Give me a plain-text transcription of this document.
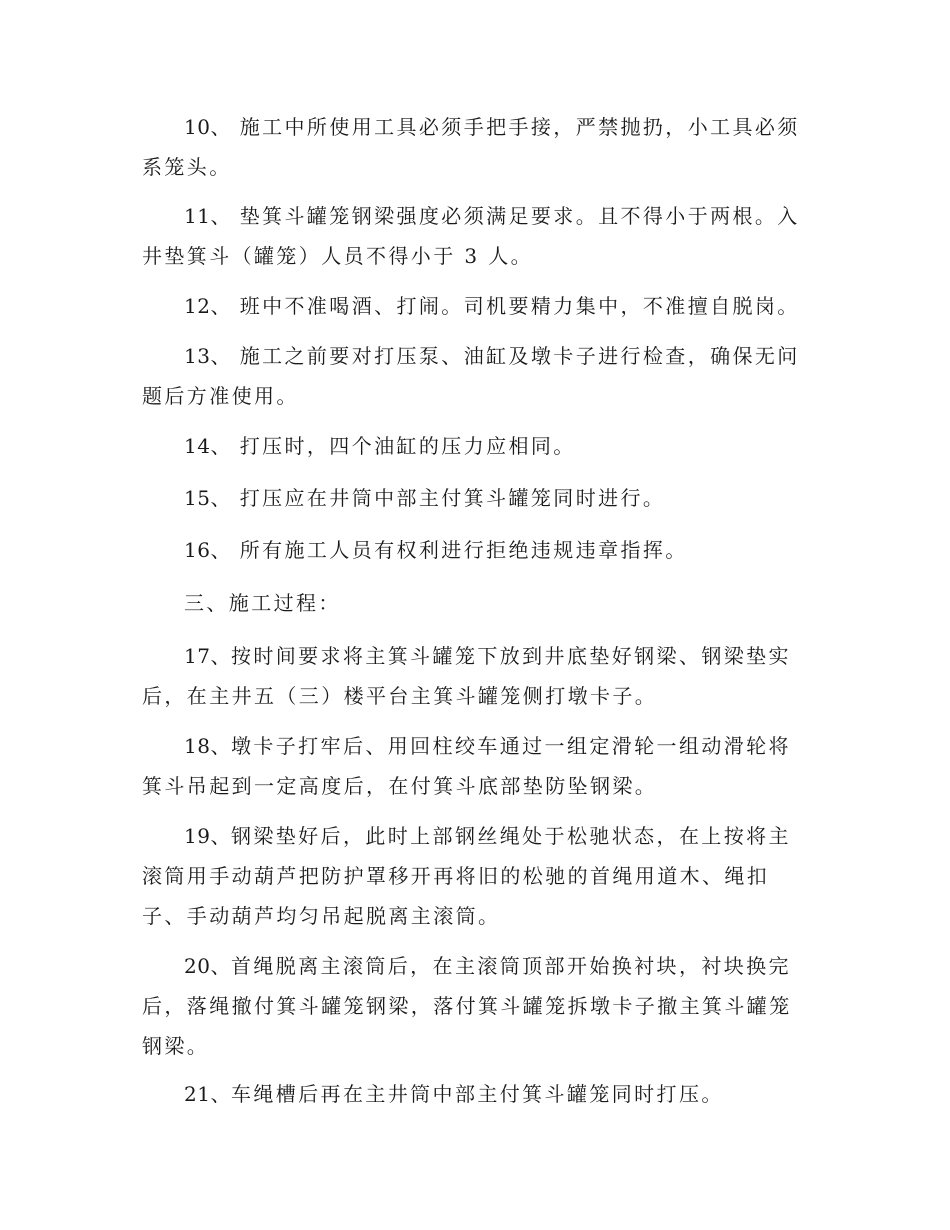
10、 施工中所使用工具必须手把手接，严禁抛扔，小工具必须系笼头。

11、 垫箕斗罐笼钢梁强度必须满足要求。且不得小于两根。入井垫箕斗（罐笼）人员不得小于 3 人。

12、 班中不准喝酒、打闹。司机要精力集中，不准擅自脱岗。

13、 施工之前要对打压泵、油缸及墩卡子进行检查，确保无问题后方准使用。

14、 打压时，四个油缸的压力应相同。

15、 打压应在井筒中部主付箕斗罐笼同时进行。

16、 所有施工人员有权利进行拒绝违规违章指挥。

三、施工过程：

17、按时间要求将主箕斗罐笼下放到井底垫好钢梁、钢梁垫实后，在主井五（三）楼平台主箕斗罐笼侧打墩卡子。

18、墩卡子打牢后、用回柱绞车通过一组定滑轮一组动滑轮将箕斗吊起到一定高度后，在付箕斗底部垫防坠钢梁。

19、钢梁垫好后，此时上部钢丝绳处于松驰状态，在上按将主滚筒用手动葫芦把防护罩移开再将旧的松驰的首绳用道木、绳扣子、手动葫芦均匀吊起脱离主滚筒。

20、首绳脱离主滚筒后，在主滚筒顶部开始换衬块，衬块换完后，落绳撤付箕斗罐笼钢梁，落付箕斗罐笼拆墩卡子撤主箕斗罐笼钢梁。

21、车绳槽后再在主井筒中部主付箕斗罐笼同时打压。
